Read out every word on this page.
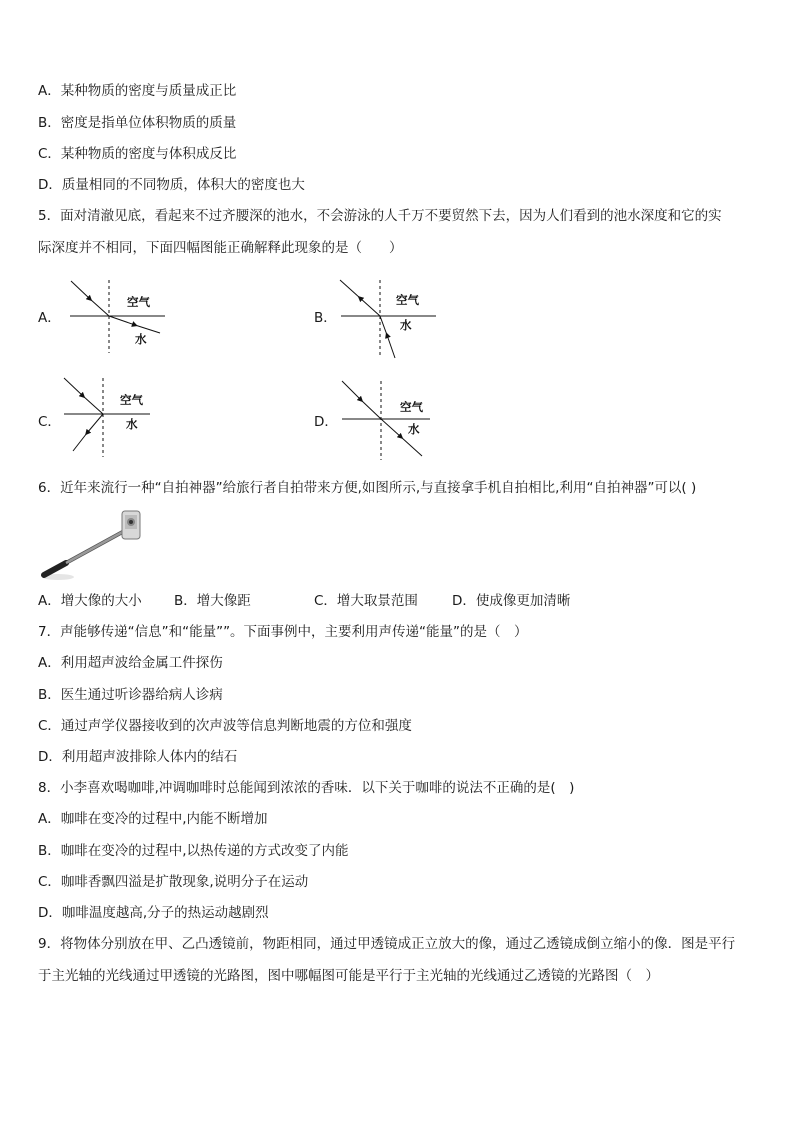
A．某种物质的密度与质量成正比
B．密度是指单位体积物质的质量
C．某种物质的密度与体积成反比
D．质量相同的不同物质，体积大的密度也大
5．面对清澈见底，看起来不过齐腰深的池水，不会游泳的人千万不要贸然下去，因为人们看到的池水深度和它的实
际深度并不相同，下面四幅图能正确解释此现象的是（　　）
A．
空气
水
B．
空气
水
C．
空气
水	D．
空气
水
6．近年来流行一种“自拍神器”给旅行者自拍带来方便,如图所示,与直接拿手机自拍相比,利用“自拍神器”可以( )
A．增大像的大小 B．增大像距	C．增大取景范围	D．使成像更加清晰
7．声能够传递“信息”和“能量””。下面事例中，主要利用声传递“能量”的是（　）
A．利用超声波给金属工件探伤
B．医生通过听诊器给病人诊病
C．通过声学仪器接收到的次声波等信息判断地震的方位和强度
D．利用超声波排除人体内的结石
8．小李喜欢喝咖啡,冲调咖啡时总能闻到浓浓的香味．以下关于咖啡的说法不正确的是(　)
A．咖啡在变冷的过程中,内能不断增加
B．咖啡在变冷的过程中,以热传递的方式改变了内能
C．咖啡香飘四溢是扩散现象,说明分子在运动
D．咖啡温度越高,分子的热运动越剧烈
9．将物体分别放在甲、乙凸透镜前，物距相同，通过甲透镜成正立放大的像，通过乙透镜成倒立缩小的像．图是平行
于主光轴的光线通过甲透镜的光路图，图中哪幅图可能是平行于主光轴的光线通过乙透镜的光路图（　）
